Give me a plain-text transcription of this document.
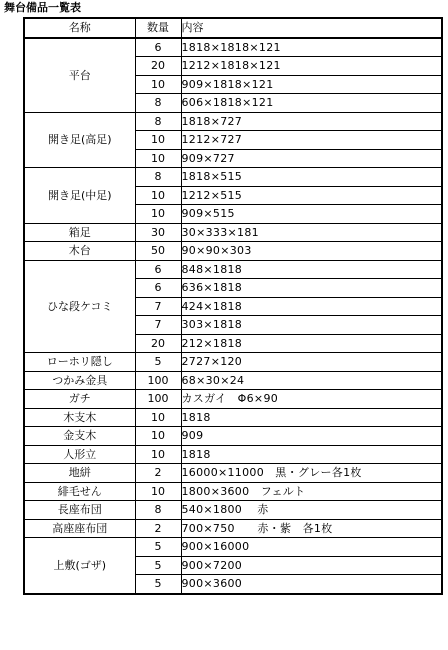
舞台備品一覧表
名称	数量	内容
平台	6	1818×1818×121
	20	1212×1818×121
	10	909×1818×121
	8	606×1818×121
開き足(高足)	8	1818×727
	10	1212×727
	10	909×727
開き足(中足)	8	1818×515
	10	1212×515
	10	909×515
箱足	30	30×333×181
木台	50	90×90×303
ひな段ケコミ	6	848×1818
	6	636×1818
	7	424×1818
	7	303×1818
	20	212×1818
ローホリ隠し	5	2727×120
つかみ金具	100	68×30×24
ガチ	100	カスガイ　Φ6×90
木支木	10	1818
金支木	10	909
人形立	10	1818
地絣	2	16000×11000　黒・グレー各1枚
緋毛せん	10	1800×3600　フェルト
長座布団	8	540×1800　 赤
高座座布団	2	700×750　　赤・紫　各1枚
上敷(ゴザ)	5	900×16000
	5	900×7200
	5	900×3600
